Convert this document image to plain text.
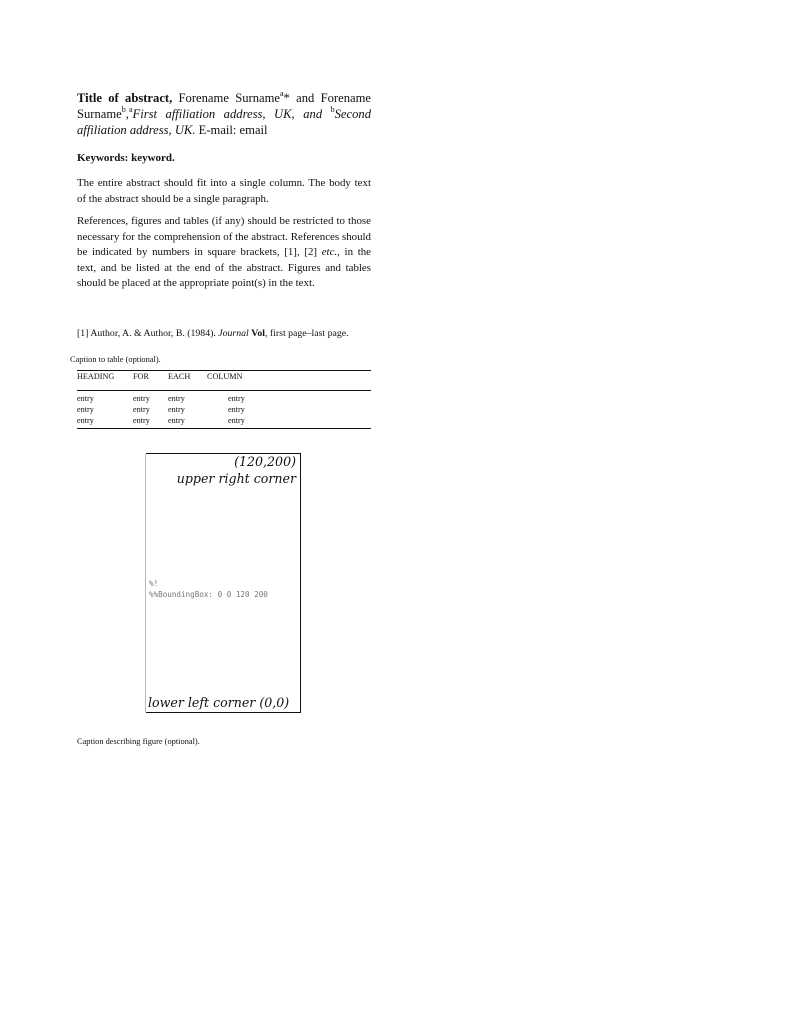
Title of abstract, Forename Surname$^a$* and Forename Surname$^b$,$^a$First affiliation address, UK, and $^b$Second affiliation address, UK. E-mail: email
Keywords: keyword.

The entire abstract should fit into a single column. The body text of the abstract should be a single paragraph.

References, figures and tables (if any) should be restricted to those necessary for the comprehension of the abstract. References should be indicated by numbers in square brackets, [1], [2] etc., in the text, and be listed at the end of the abstract. Figures and tables should be placed at the appropriate point(s) in the text.

[1] Author, A. & Author, B. (1984). Journal Vol, first page–last page.
Caption to table (optional).
HEADING FOR EACH COLUMN
entry	entry entry	entry
entry	entry entry	entry
entry	entry entry	entry
(120,200)
upper right corner
%!
%%BoundingBox: 0 0 120 200
lower left corner (0,0)
Caption describing figure (optional).
